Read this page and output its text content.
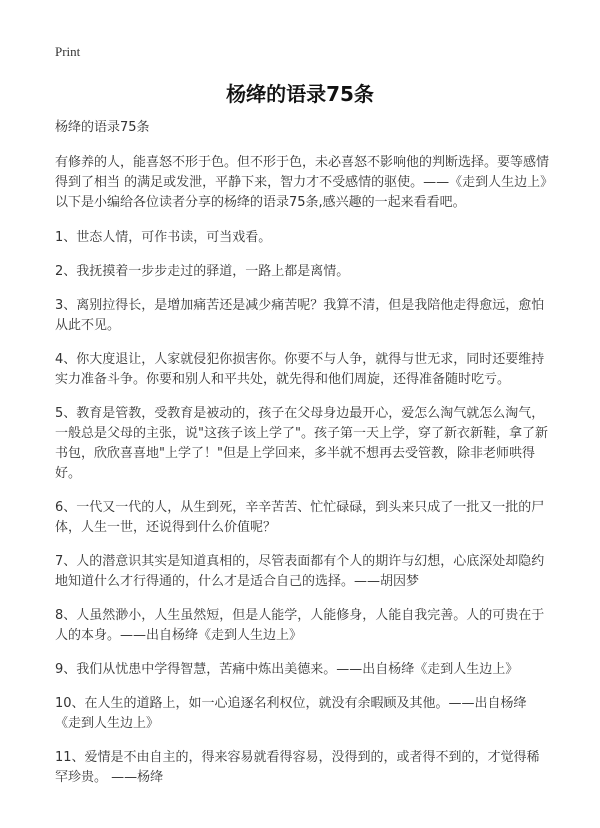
Print
杨绛的语录75条

杨绛的语录75条

有修养的人，能喜怒不形于色。但不形于色，未必喜怒不影响他的判断选择。要等感情得到了相当 的满足或发泄，平静下来，智力才不受感情的驱使。——《走到人生边上》以下是小编给各位读者分享的杨绛的语录75条,感兴趣的一起来看看吧。

1、世态人情，可作书读，可当戏看。

2、我抚摸着一步步走过的驿道，一路上都是离情。

3、离别拉得长，是增加痛苦还是减少痛苦呢？我算不清，但是我陪他走得愈远，愈怕从此不见。

4、你大度退让，人家就侵犯你损害你。你要不与人争，就得与世无求，同时还要维持实力准备斗争。你要和别人和平共处，就先得和他们周旋，还得准备随时吃亏。

5、教育是管教，受教育是被动的，孩子在父母身边最开心，爱怎么淘气就怎么淘气，一般总是父母的主张，说"这孩子该上学了"。孩子第一天上学，穿了新衣新鞋，拿了新书包，欣欣喜喜地"上学了！"但是上学回来，多半就不想再去受管教，除非老师哄得好。

6、一代又一代的人，从生到死，辛辛苦苦、忙忙碌碌，到头来只成了一批又一批的尸体，人生一世，还说得到什么价值呢？

7、人的潜意识其实是知道真相的，尽管表面都有个人的期许与幻想，心底深处却隐约地知道什么才行得通的，什么才是适合自己的选择。——胡因梦

8、人虽然渺小，人生虽然短，但是人能学，人能修身，人能自我完善。人的可贵在于人的本身。——出自杨绛《走到人生边上》

9、我们从忧患中学得智慧，苦痛中炼出美德来。——出自杨绛《走到人生边上》

10、在人生的道路上，如一心追逐名利权位，就没有余暇顾及其他。——出自杨绛《走到人生边上》

11、爱情是不由自主的，得来容易就看得容易，没得到的，或者得不到的，才觉得稀罕珍贵。 ——杨绛
